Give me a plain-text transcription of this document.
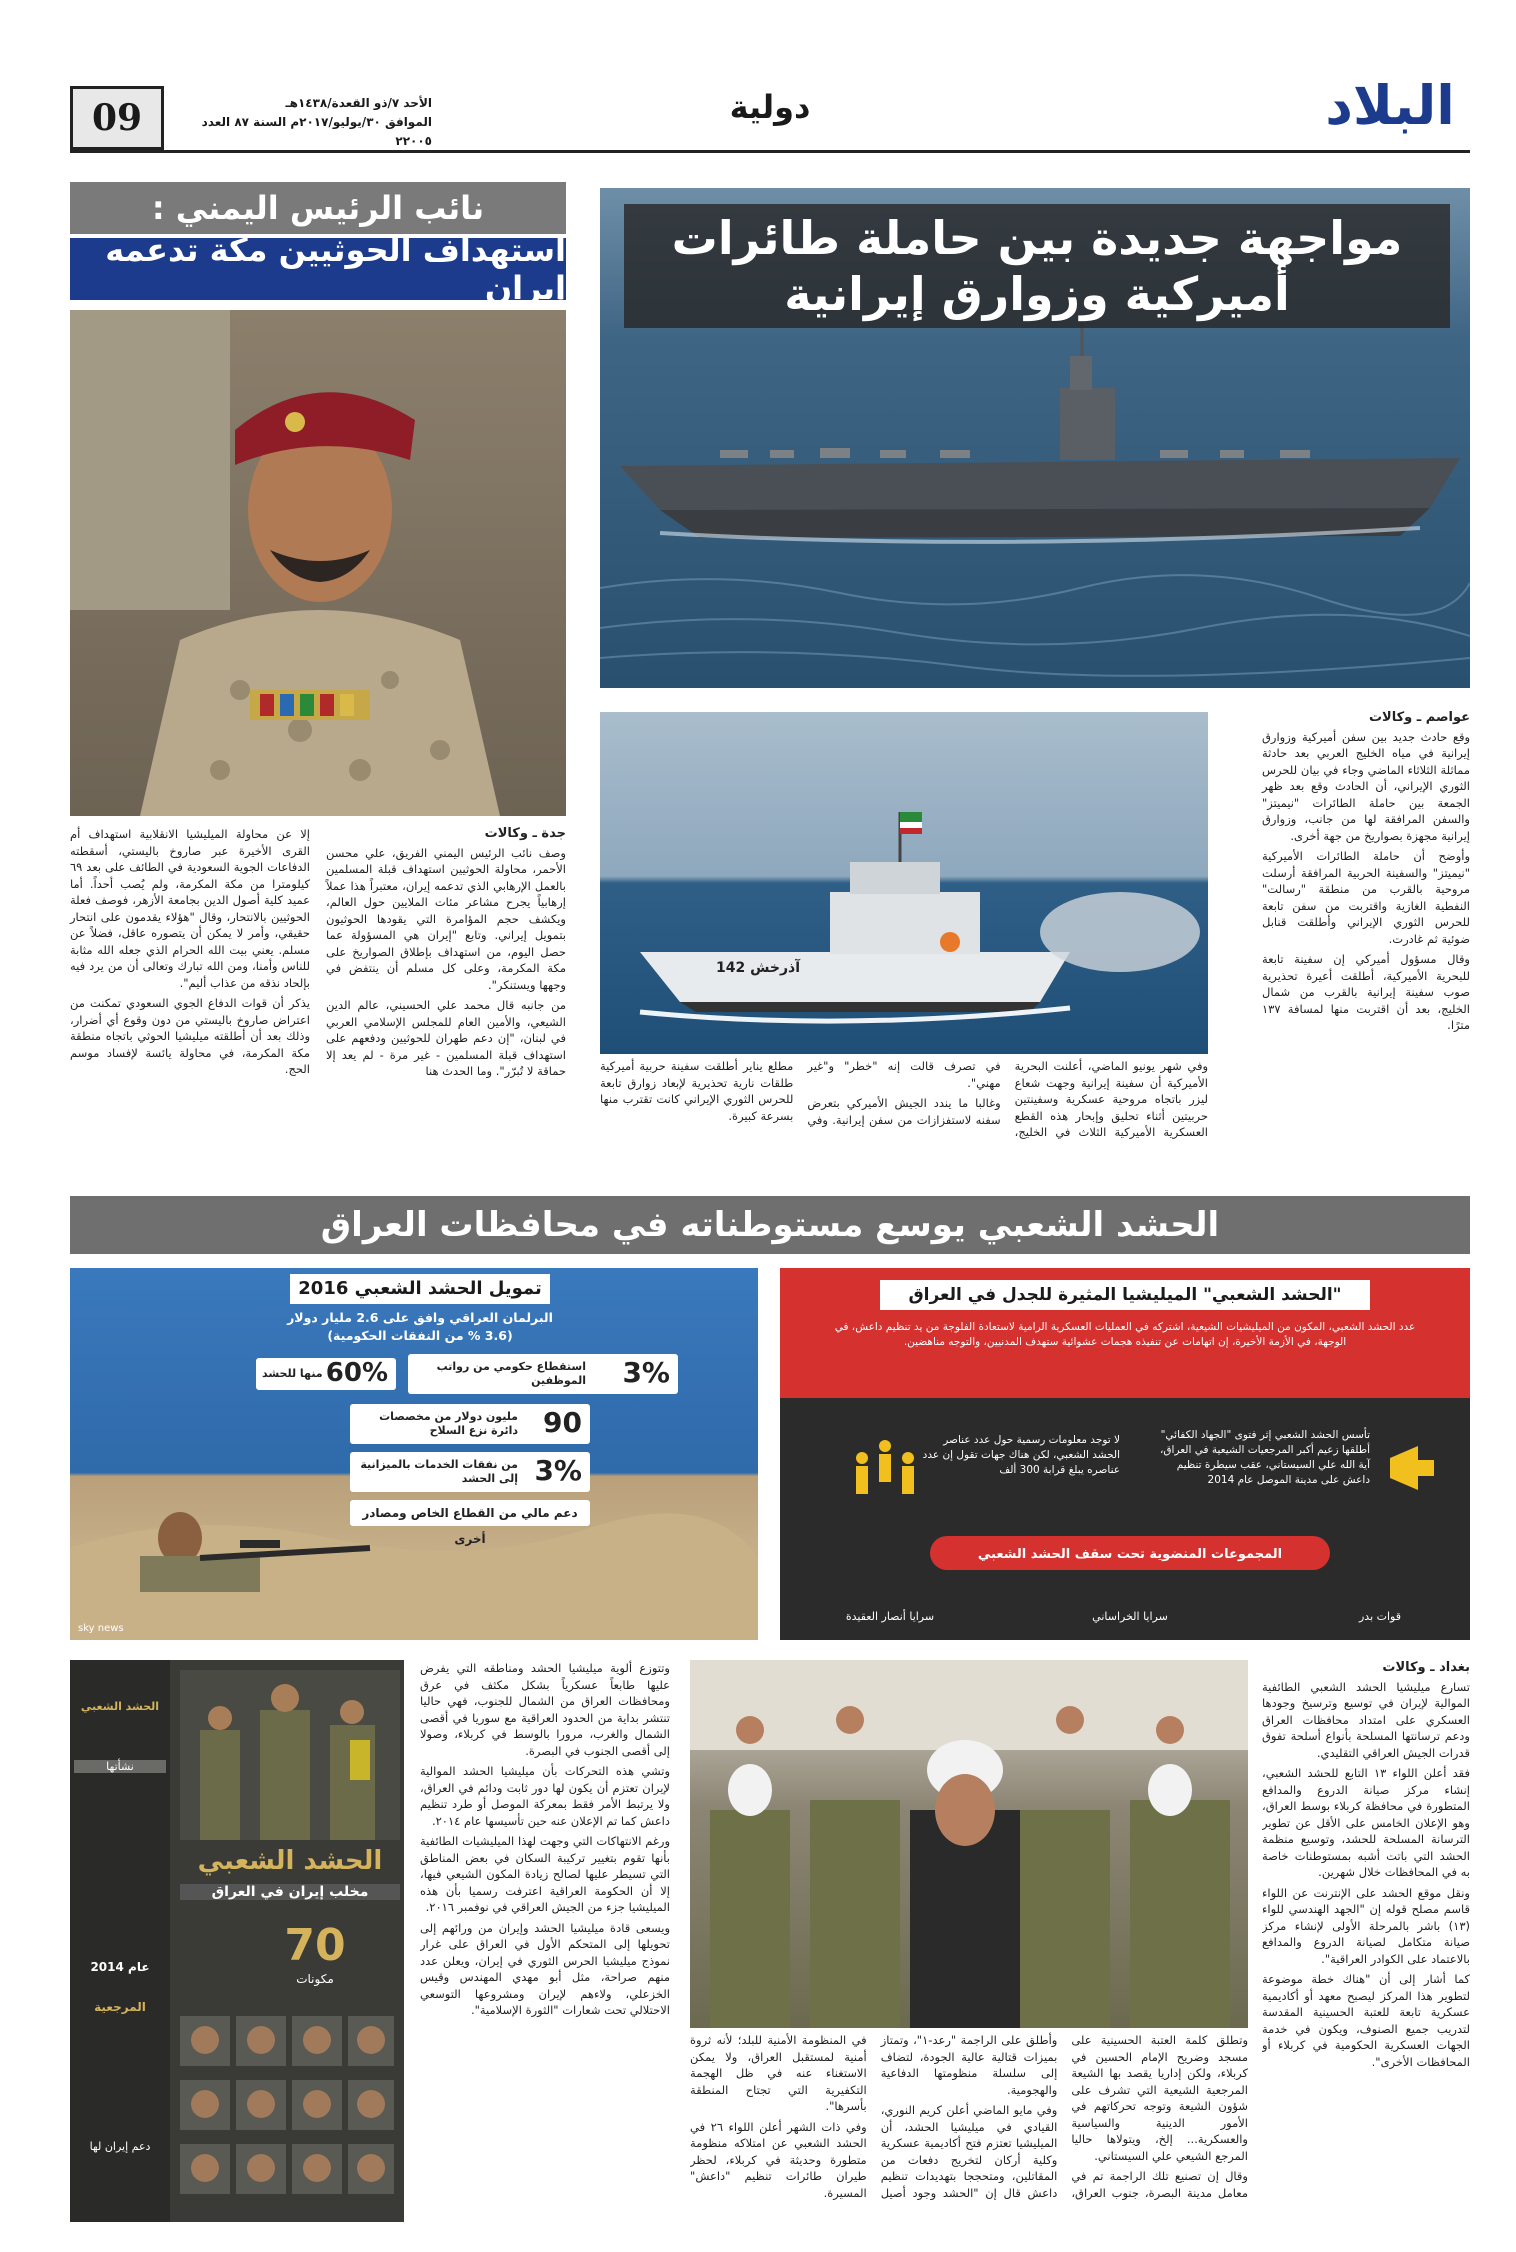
09	الأحد ٧/ذو القعدة/١٤٣٨هـ
الموافق ٣٠/يوليو/٢٠١٧م السنة ٨٧ العدد ٢٢٠٠٥
دولية	البلاد
مواجهة جديدة بين حاملة طائرات أميركية وزوارق إيرانية
آذرخش 142
عواصم ـ وكالات

وقع حادث جديد بين سفن أميركية وزوارق إيرانية في مياه الخليج العربي بعد حادثة مماثلة الثلاثاء الماضي وجاء في بيان للحرس الثوري الإيراني، أن الحادث وقع بعد ظهر الجمعة بين حاملة الطائرات "نيميتز" والسفن المرافقة لها من جانب، وزوارق إيرانية مجهزة بصواريخ من جهة أخرى.

وأوضح أن حاملة الطائرات الأميركية "نيميتز" والسفينة الحربية المرافقة أرسلت مروحية بالقرب من منطقة "رسالت" النفطية الغازية واقتربت من سفن تابعة للحرس الثوري الإيراني وأطلقت قنابل ضوئية ثم غادرت.

وقال مسؤول أميركي إن سفينة تابعة للبحرية الأميركية، أطلقت أعيرة تحذيرية صوب سفينة إيرانية بالقرب من شمال الخليج، بعد أن اقتربت منها لمسافة ١٣٧ مترًا.

وفي شهر يونيو الماضي، أعلنت البحرية الأميركية أن سفينة إيرانية وجهت شعاع ليزر باتجاه مروحية عسكرية وسفينتين حربيتين أثناء تحليق وإبحار هذه القطع العسكرية الأميركية الثلاث في الخليج، في تصرف قالت إنه "خطر" و"غير مهني".

وغالبا ما يندد الجيش الأميركي بتعرض سفنه لاستفزازات من سفن إيرانية. وفي مطلع يناير أطلقت سفينة حربية أميركية طلقات نارية تحذيرية لإبعاد زوارق تابعة للحرس الثوري الإيراني كانت تقترب منها بسرعة كبيرة.

نائب الرئيس اليمني :
استهداف الحوثيين مكة تدعمه إيران
جدة ـ وكالات

وصف نائب الرئيس اليمني الفريق، علي محسن الأحمر، محاولة الحوثيين استهداف قبلة المسلمين بالعمل الإرهابي الذي تدعمه إيران، معتبراً هذا عملاً إرهابياً يجرح مشاعر مئات الملايين حول العالم، ويكشف حجم المؤامرة التي يقودها الحوثيون بتمويل إيراني. وتابع "إيران هي المسؤولة عما حصل اليوم، من استهداف بإطلاق الصواريخ على مكة المكرمة، وعلى كل مسلم أن ينتفض في وجهها ويستنكر".

من جانبه قال محمد علي الحسيني، عالم الدين الشيعي، والأمين العام للمجلس الإسلامي العربي في لبنان، "إن دعم طهران للحوثيين ودفعهم على استهداف قبلة المسلمين - غير مرة - لم يعد إلا حماقة لا تُبرّر". وما الحدث هنا

إلا عن محاولة الميليشيا الانقلابية استهداف أم القرى الأخيرة عبر صاروخ باليستي، أسقطته الدفاعات الجوية السعودية في الطائف على بعد ٦٩ كيلومترا من مكة المكرمة، ولم يُصب أحداً. أما عميد كلية أصول الدين بجامعة الأزهر، فوصف فعلة الحوثيين بالانتحار، وقال "هؤلاء يقدمون على انتحار حقيقي، وأمر لا يمكن أن يتصوره عاقل، فضلاً عن مسلم. يعني بيت الله الحرام الذي جعله الله مثابة للناس وأمنا، ومن الله تبارك وتعالى أن من يرد فيه بإلحاد نذقه من عذاب أليم".

يذكر أن قوات الدفاع الجوي السعودي تمكنت من اعتراض صاروخ باليستي من دون وقوع أي أضرار، وذلك بعد أن أطلقته ميليشيا الحوثي باتجاه منطقة مكة المكرمة، في محاولة يائسة لإفساد موسم الحج.

الحشد الشعبي يوسع مستوطناته في محافظات العراق
تمويل الحشد الشعبي 2016
البرلمان العراقي وافق على 2.6 مليار دولار
(3.6 % من النفقات الحكومية)
3%
استقطاع حكومي من رواتب الموظفين
60%
منها للحشد
90
مليون دولار من مخصصات دائرة نزع السلاح
3%
من نفقات الخدمات بالميزانية إلى الحشد
دعم مالي من القطاع الخاص ومصادر أخرى
sky news
"الحشد الشعبي" الميليشيا المثيرة للجدل في العراق
عدد الحشد الشعبي، المكون من الميليشيات الشيعية، اشتركه في العمليات العسكرية الرامية لاستعادة الفلوجة من يد تنظيم داعش، في الوجهة، في الأزمة الأخيرة، إن اتهامات عن تنفيذه هجمات عشوائية ستهدف المدنيين، والتوجه مناهضين.
تأسس الحشد الشعبي إثر فتوى "الجهاد الكفائي" أطلقها زعيم أكبر المرجعيات الشيعية في العراق، آية الله علي السيستاني، عقب سيطرة تنظيم داعش على مدينة الموصل عام 2014
لا توجد معلومات رسمية حول عدد عناصر الحشد الشعبي، لكن هناك جهات تقول إن عدد عناصره يبلغ قرابة 300 ألف
المجموعات المنضوية تحت سقف الحشد الشعبي
قوات بدر
سرايا الخراساني
سرايا أنصار العقيدة
بغداد ـ وكالات

تسارع ميليشيا الحشد الشعبي الطائفية الموالية لإيران في توسيع وترسيخ وجودها العسكري على امتداد محافظات العراق ودعم ترسانتها المسلحة بأنواع أسلحة تفوق قدرات الجيش العراقي التقليدي.

فقد أعلن اللواء ١٣ التابع للحشد الشعبي، إنشاء مركز صيانة الدروع والمدافع المتطورة في محافظة كربلاء بوسط العراق، وهو الإعلان الخامس على الأقل عن تطوير الترسانة المسلحة للحشد، وتوسيع منظمة الحشد التي باتت أشبه بمستوطنات خاصة به في المحافظات خلال شهرين.

ونقل موقع الحشد على الإنترنت عن اللواء قاسم مصلح قوله إن "الجهد الهندسي للواء (١٣) باشر بالمرحلة الأولى لإنشاء مركز صيانة متكامل لصيانة الدروع والمدافع بالاعتماد على الكوادر العراقية".

كما أشار إلى أن "هناك خطة موضوعة لتطوير هذا المركز ليصبح معهد أو أكاديمية عسكرية تابعة للعتبة الحسينية المقدسة لتدريب جميع الصنوف، ويكون في خدمة الجهات العسكرية الحكومية في كربلاء أو المحافظات الأخرى".

وتطلق كلمة العتبة الحسينية على مسجد وضريح الإمام الحسين في كربلاء، ولكن إداريا يقصد بها الشيعة المرجعية الشيعية التي تشرف على شؤون الشيعة وتوجه تحركاتهم في الأمور الدينية والسياسية والعسكرية... إلخ، ويتولاها حاليا المرجع الشيعي علي السيستاني.

وقال إن تصنيع تلك الراجمة تم في معامل مدينة البصرة، جنوب العراق، وأطلق على الراجمة "رعد-١"، وتمتاز بميزات قتالية عالية الجودة، لتضاف إلى سلسلة منظومتها الدفاعية والهجومية.

وفي مايو الماضي أعلن كريم النوري، القيادي في ميليشيا الحشد، أن الميليشيا تعتزم فتح أكاديمية عسكرية وكلية أركان لتخريج دفعات من المقاتلين، ومتحججا بتهديدات تنظيم داعش قال إن "الحشد وجود أصيل في المنظومة الأمنية للبلد؛ لأنه ثروة أمنية لمستقبل العراق، ولا يمكن الاستغناء عنه في ظل الهجمة التكفيرية التي تجتاح المنطقة بأسرها".

وفي ذات الشهر أعلن اللواء ٢٦ في الحشد الشعبي عن امتلاكه منظومة متطورة وحديثة في كربلاء، لحظر طيران طائرات تنظيم "داعش" المسيرة.

وتتوزع ألوية ميليشيا الحشد ومناطقه التي يفرض عليها طابعاً عسكرياً بشكل مكثف في عرق ومحافظات العراق من الشمال للجنوب، فهي حاليا تنتشر بداية من الحدود العراقية مع سوريا في أقصى الشمال والغرب، مرورا بالوسط في كربلاء، وصولا إلى أقصى الجنوب في البصرة.

وتشي هذه التحركات بأن ميليشيا الحشد الموالية لإيران تعتزم أن يكون لها دور ثابت ودائم في العراق، ولا يرتبط الأمر فقط بمعركة الموصل أو طرد تنظيم داعش كما تم الإعلان عنه حين تأسيسها عام ٢٠١٤.

ورغم الانتهاكات التي وجهت لهذا الميليشيات الطائفية بأنها تقوم بتغيير تركيبة السكان في بعض المناطق التي تسيطر عليها لصالح زيادة المكون الشيعي فيها، إلا أن الحكومة العراقية اعترفت رسميا بأن هذه الميليشيا جزء من الجيش العراقي في نوفمبر ٢٠١٦.

ويسعى قادة ميليشيا الحشد وإيران من ورائهم إلى تحويلها إلى المتحكم الأول في العراق على غرار نموذج ميليشيا الحرس الثوري في إيران، ويعلن عدد منهم صراحة، مثل أبو مهدي المهندس وقيس الخزعلي، ولاءهم لإيران ومشروعها التوسعي الاحتلالي تحت شعارات "الثورة الإسلامية".

الحشد الشعبي
نشأتها
عام 2014
المرجعية
دعم إيران لها
الحشد الشعبي
مخلب إيران في العراق
70
مكونات
